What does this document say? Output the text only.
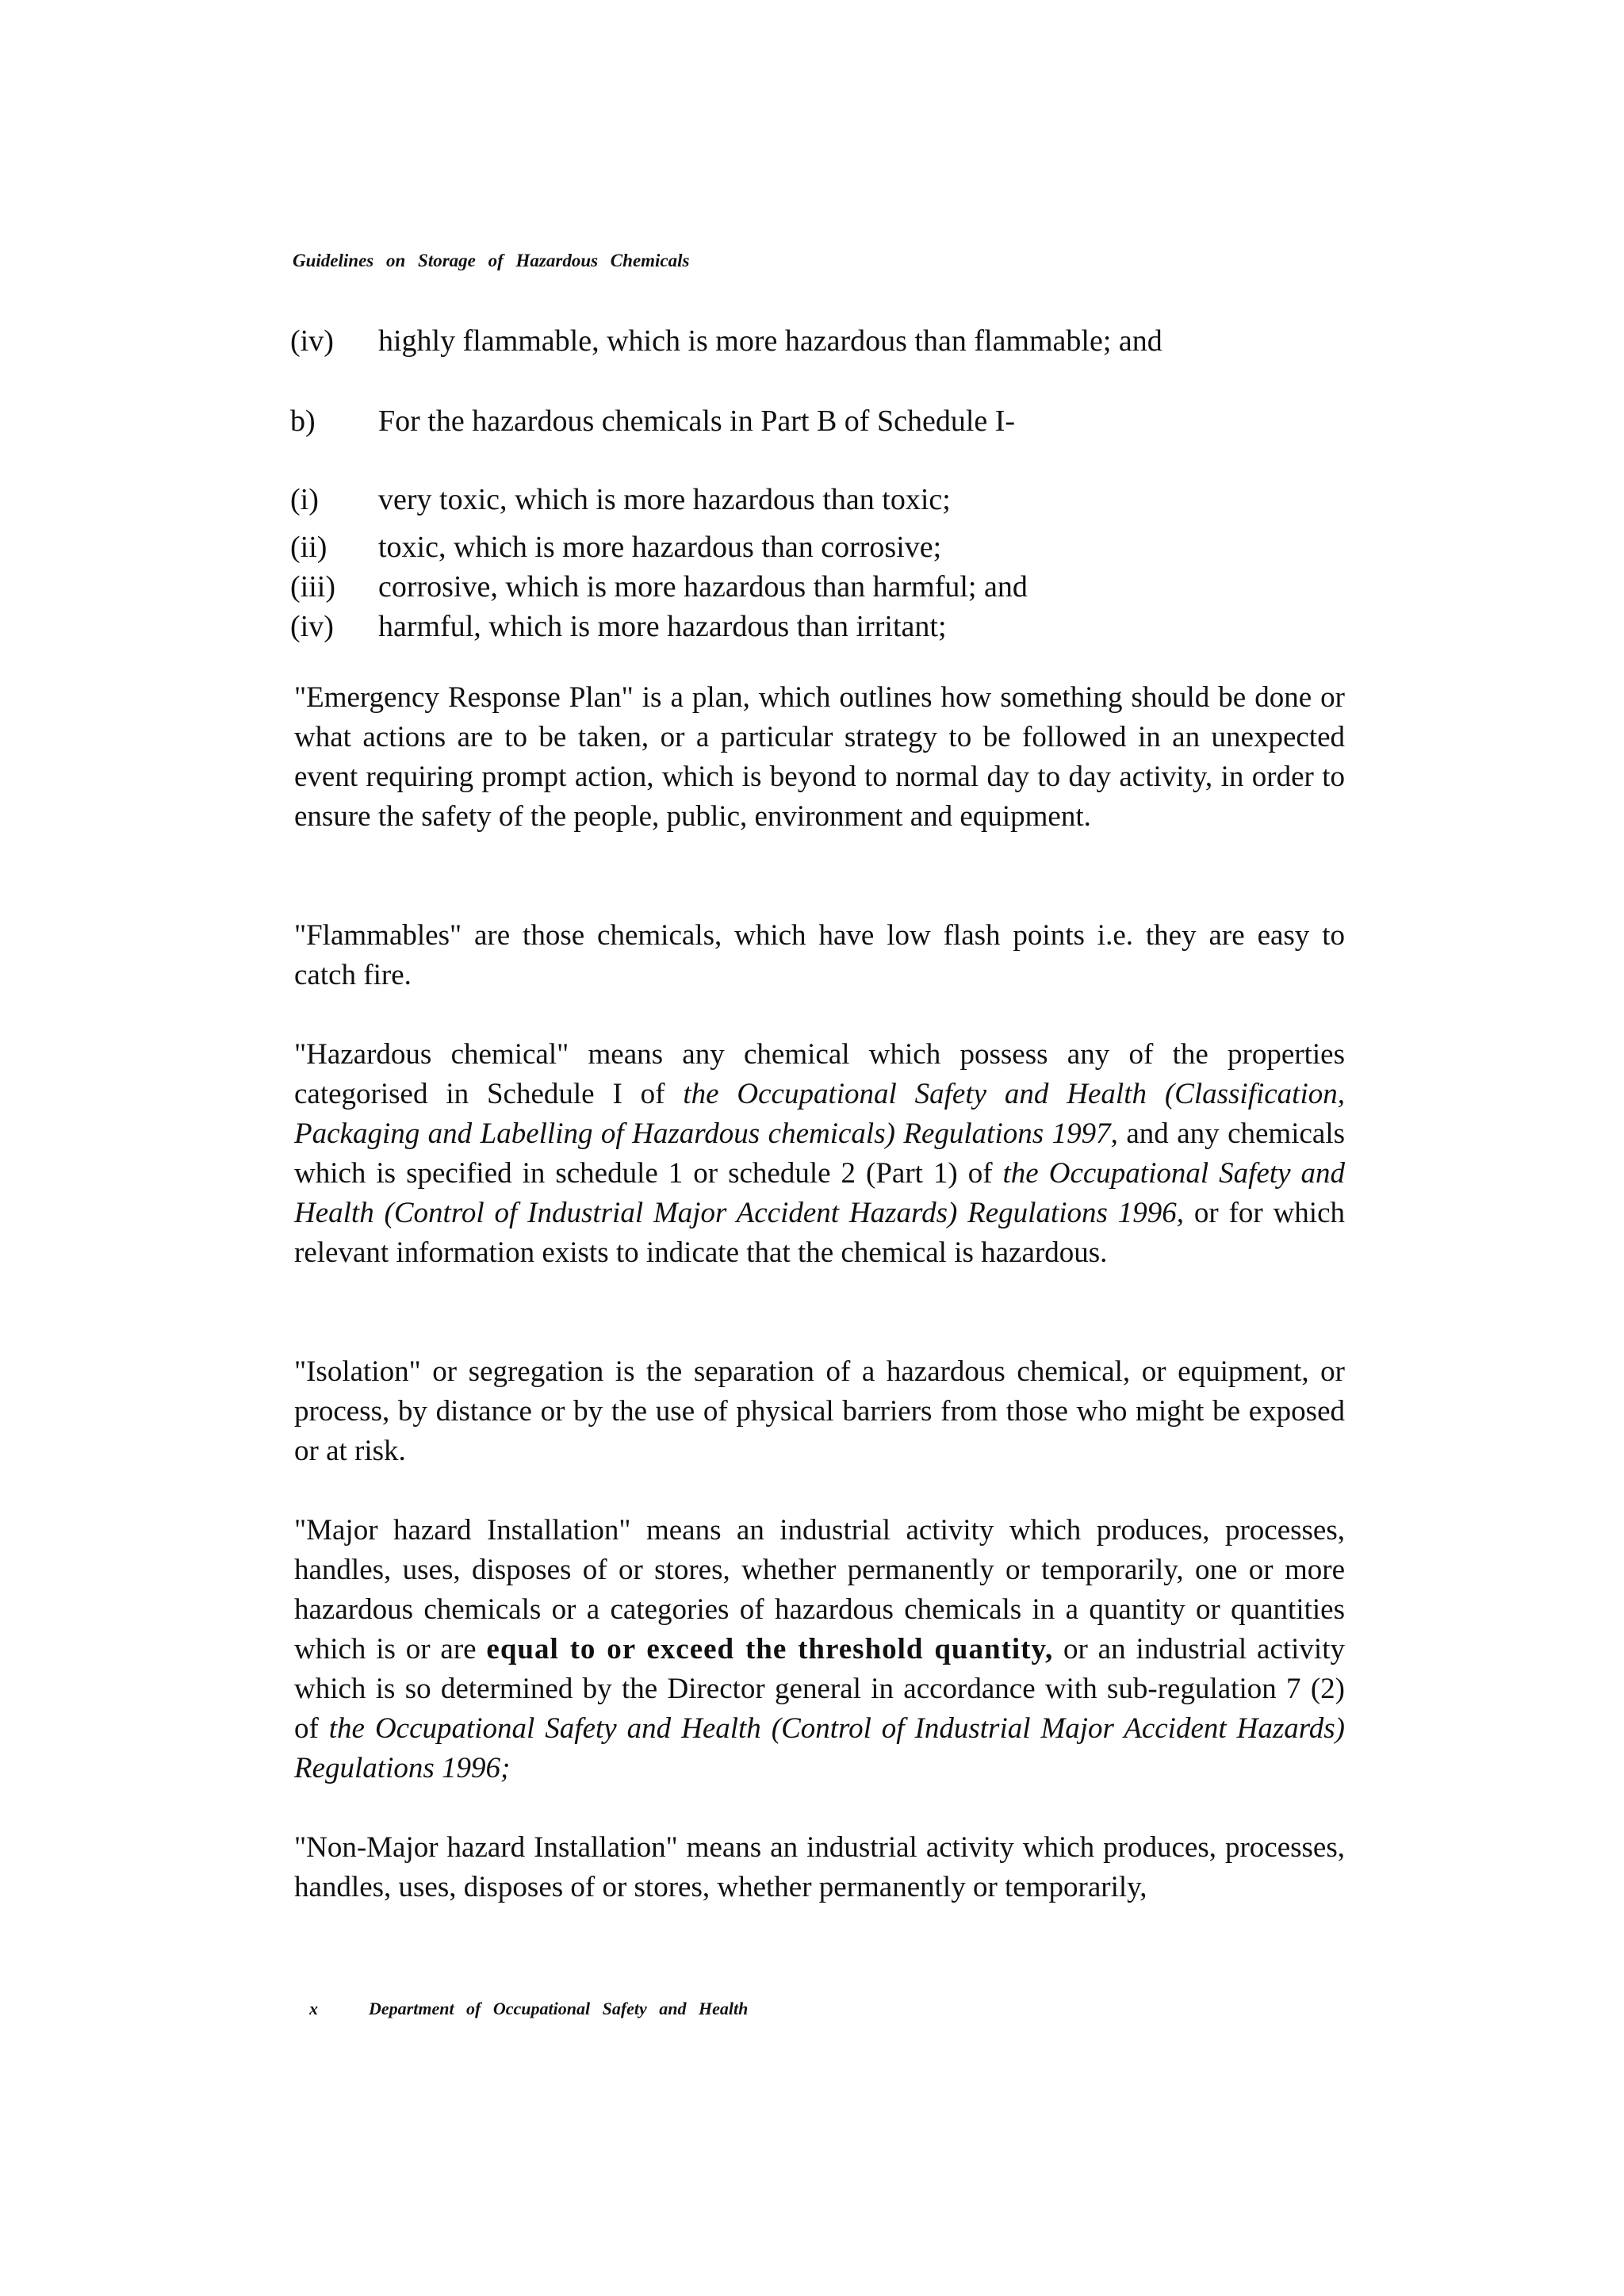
Guidelines on Storage of Hazardous Chemicals
(iv) highly flammable, which is more hazardous than flammable; and
b) For the hazardous chemicals in Part B of Schedule I-
(i) very toxic, which is more hazardous than toxic;
(ii) toxic, which is more hazardous than corrosive;
(iii) corrosive, which is more hazardous than harmful; and
(iv) harmful, which is more hazardous than irritant;

"Emergency Response Plan" is a plan, which outlines how something should be done or what actions are to be taken, or a particular strategy to be followed in an unexpected event requiring prompt action, which is beyond to normal day to day activity, in order to ensure the safety of the people, public, environment and equipment.

"Flammables" are those chemicals, which have low flash points i.e. they are easy to catch fire.

"Hazardous chemical" means any chemical which possess any of the properties categorised in Schedule I of the Occupational Safety and Health (Classification, Packaging and Labelling of Hazardous chemicals) Regulations 1997, and any chemicals which is specified in schedule 1 or schedule 2 (Part 1) of the Occupational Safety and Health (Control of Industrial Major Accident Hazards) Regulations 1996, or for which relevant information exists to indicate that the chemical is hazardous.

"Isolation" or segregation is the separation of a hazardous chemical, or equipment, or process, by distance or by the use of physical barriers from those who might be exposed or at risk.

"Major hazard Installation" means an industrial activity which produces, processes, handles, uses, disposes of or stores, whether permanently or temporarily, one or more hazardous chemicals or a categories of hazardous chemicals in a quantity or quantities which is or are equal to or exceed the threshold quantity, or an industrial activity which is so determined by the Director general in accordance with sub-regulation 7 (2) of the Occupational Safety and Health (Control of Industrial Major Accident Hazards) Regulations 1996;

"Non-Major hazard Installation" means an industrial activity which produces, processes, handles, uses, disposes of or stores, whether permanently or temporarily,

x	Department of Occupational Safety and Health
